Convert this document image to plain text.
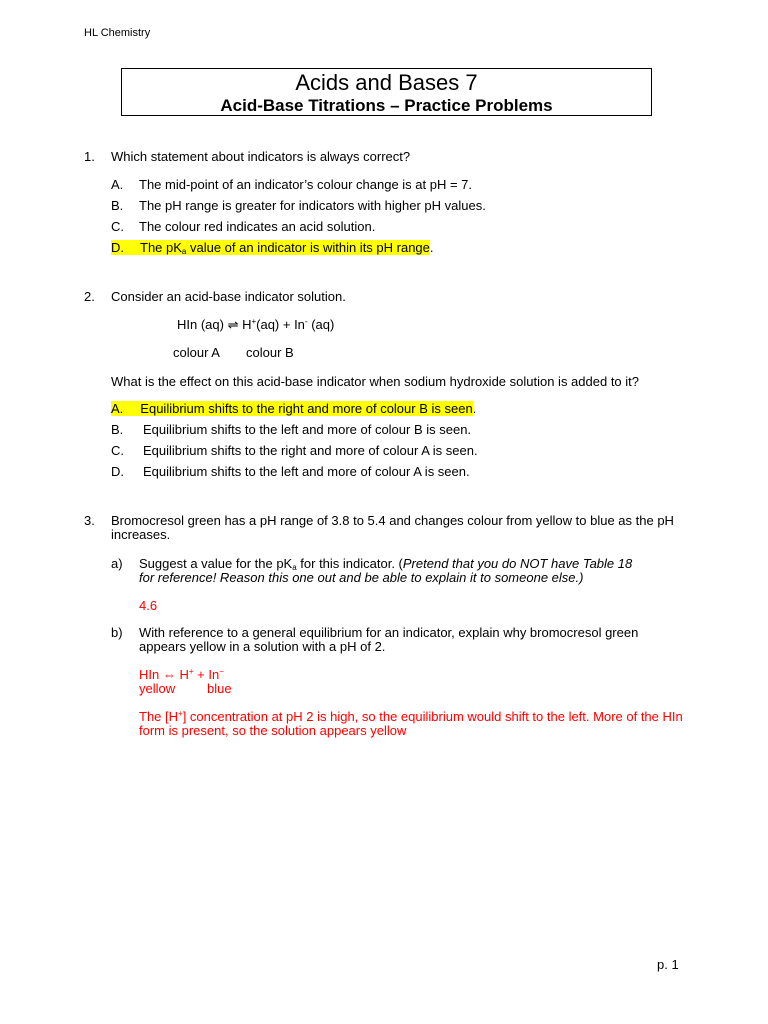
HL Chemistry
Acids and Bases 7
Acid-Base Titrations – Practice Problems
1. Which statement about indicators is always correct?
A. The mid-point of an indicator’s colour change is at pH = 7.
B. The pH range is greater for indicators with higher pH values.
C. The colour red indicates an acid solution.
D. The $pK_a$ value of an indicator is within its pH range.
2. Consider an acid-base indicator solution.
HIn (aq) ⇌ H+(aq) + In- (aq)
colour A colour B
What is the effect on this acid-base indicator when sodium hydroxide solution is added to it?
A. Equilibrium shifts to the right and more of colour B is seen.
B. Equilibrium shifts to the left and more of colour B is seen.
C. Equilibrium shifts to the right and more of colour A is seen.
D. Equilibrium shifts to the left and more of colour A is seen.
3. Bromocresol green has a pH range of 3.8 to 5.4 and changes colour from yellow to blue as the pH
increases.
a) Suggest a value for the $pK_a$ for this indicator. (Pretend that you do NOT have Table 18
for reference! Reason this one out and be able to explain it to someone else.)
4.6
b) With reference to a general equilibrium for an indicator, explain why bromocresol green
appears yellow in a solution with a pH of 2.
HIn ⇔ H+ + In−
yellow blue
The [H+] concentration at pH 2 is high, so the equilibrium would shift to the left. More of the HIn
form is present, so the solution appears yellow
p. 1
